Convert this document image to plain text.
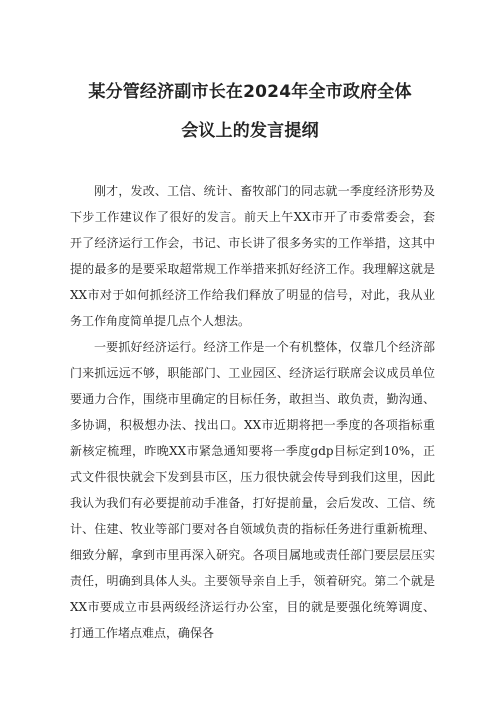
某分管经济副市长在2024年全市政府全体
会议上的发言提纲

刚才，发改、工信、统计、畜牧部门的同志就一季度经济形势及下步工作建议作了很好的发言。前天上午XX市开了市委常委会，套开了经济运行工作会，书记、市长讲了很多务实的工作举措，这其中提的最多的是要采取超常规工作举措来抓好经济工作。我理解这就是XX市对于如何抓经济工作给我们释放了明显的信号，对此，我从业务工作角度简单提几点个人想法。

一要抓好经济运行。经济工作是一个有机整体，仅靠几个经济部门来抓远远不够，职能部门、工业园区、经济运行联席会议成员单位要通力合作，围绕市里确定的目标任务，敢担当、敢负责，勤沟通、多协调，积极想办法、找出口。XX市近期将把一季度的各项指标重新核定梳理，昨晚XX市紧急通知要将一季度gdp目标定到10%，正式文件很快就会下发到县市区，压力很快就会传导到我们这里，因此我认为我们有必要提前动手准备，打好提前量，会后发改、工信、统计、住建、牧业等部门要对各自领域负责的指标任务进行重新梳理、细致分解，拿到市里再深入研究。各项目属地或责任部门要层层压实责任，明确到具体人头。主要领导亲自上手，领着研究。第二个就是XX市要成立市县两级经济运行办公室，目的就是要强化统筹调度、打通工作堵点难点，确保各
